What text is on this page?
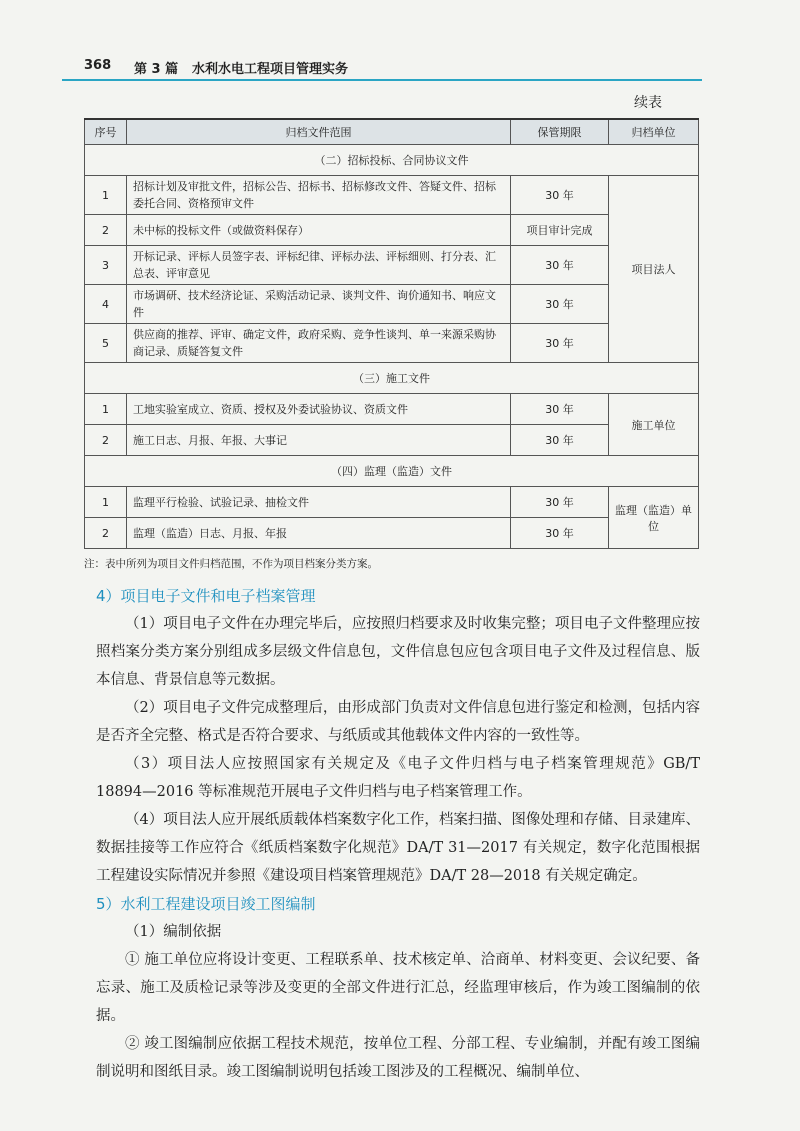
368 第 3 篇 水利水电工程项目管理实务
续表
序号	归档文件范围	保管期限	归档单位
（二）招标投标、合同协议文件			
1	招标计划及审批文件，招标公告、招标书、招标修改文件、答疑文件、招标委托合同、资格预审文件	30 年	项目法人
2	未中标的投标文件（或做资料保存）	项目审计完成	
3	开标记录、评标人员签字表、评标纪律、评标办法、评标细则、打分表、汇总表、评审意见	30 年	
4	市场调研、技术经济论证、采购活动记录、谈判文件、询价通知书、响应文件	30 年	
5	供应商的推荐、评审、确定文件，政府采购、竞争性谈判、单一来源采购协商记录、质疑答复文件	30 年	
（三）施工文件			
1	工地实验室成立、资质、授权及外委试验协议、资质文件	30 年	施工单位
2	施工日志、月报、年报、大事记	30 年	
（四）监理（监造）文件			
1	监理平行检验、试验记录、抽检文件	30 年	监理（监造）单位
2	监理（监造）日志、月报、年报	30 年	
注：表中所列为项目文件归档范围，不作为项目档案分类方案。

4）项目电子文件和电子档案管理

（1）项目电子文件在办理完毕后，应按照归档要求及时收集完整；项目电子文件整理应按照档案分类方案分别组成多层级文件信息包，文件信息包应包含项目电子文件及过程信息、版本信息、背景信息等元数据。

（2）项目电子文件完成整理后，由形成部门负责对文件信息包进行鉴定和检测，包括内容是否齐全完整、格式是否符合要求、与纸质或其他载体文件内容的一致性等。

（3）项目法人应按照国家有关规定及《电子文件归档与电子档案管理规范》GB/T 18894—2016 等标准规范开展电子文件归档与电子档案管理工作。

（4）项目法人应开展纸质载体档案数字化工作，档案扫描、图像处理和存储、目录建库、数据挂接等工作应符合《纸质档案数字化规范》DA/T 31—2017 有关规定，数字化范围根据工程建设实际情况并参照《建设项目档案管理规范》DA/T 28—2018 有关规定确定。

5）水利工程建设项目竣工图编制

（1）编制依据

① 施工单位应将设计变更、工程联系单、技术核定单、洽商单、材料变更、会议纪要、备忘录、施工及质检记录等涉及变更的全部文件进行汇总，经监理审核后，作为竣工图编制的依据。

② 竣工图编制应依据工程技术规范，按单位工程、分部工程、专业编制，并配有竣工图编制说明和图纸目录。竣工图编制说明包括竣工图涉及的工程概况、编制单位、
